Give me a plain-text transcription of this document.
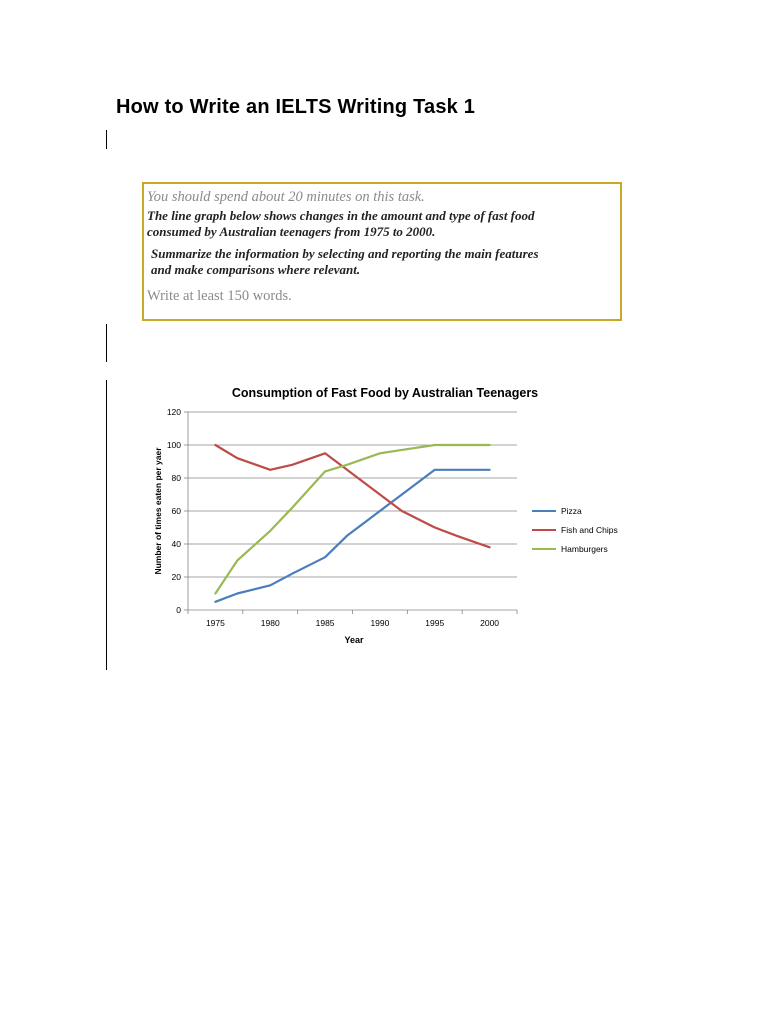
How to Write an IELTS Writing Task 1
You should spend about 20 minutes on this task.
The line graph below shows changes in the amount and type of fast food
consumed by Australian teenagers from 1975 to 2000.
Summarize the information by selecting and reporting the main features
and make comparisons where relevant.
Write at least 150 words.
Consumption of Fast Food by Australian Teenagers
0
20
40
60
80
100
120
1975	1980	1985	1990	1995	2000
Pizza
Fish and Chips
Hamburgers
Year
Number of times eaten per yaer
